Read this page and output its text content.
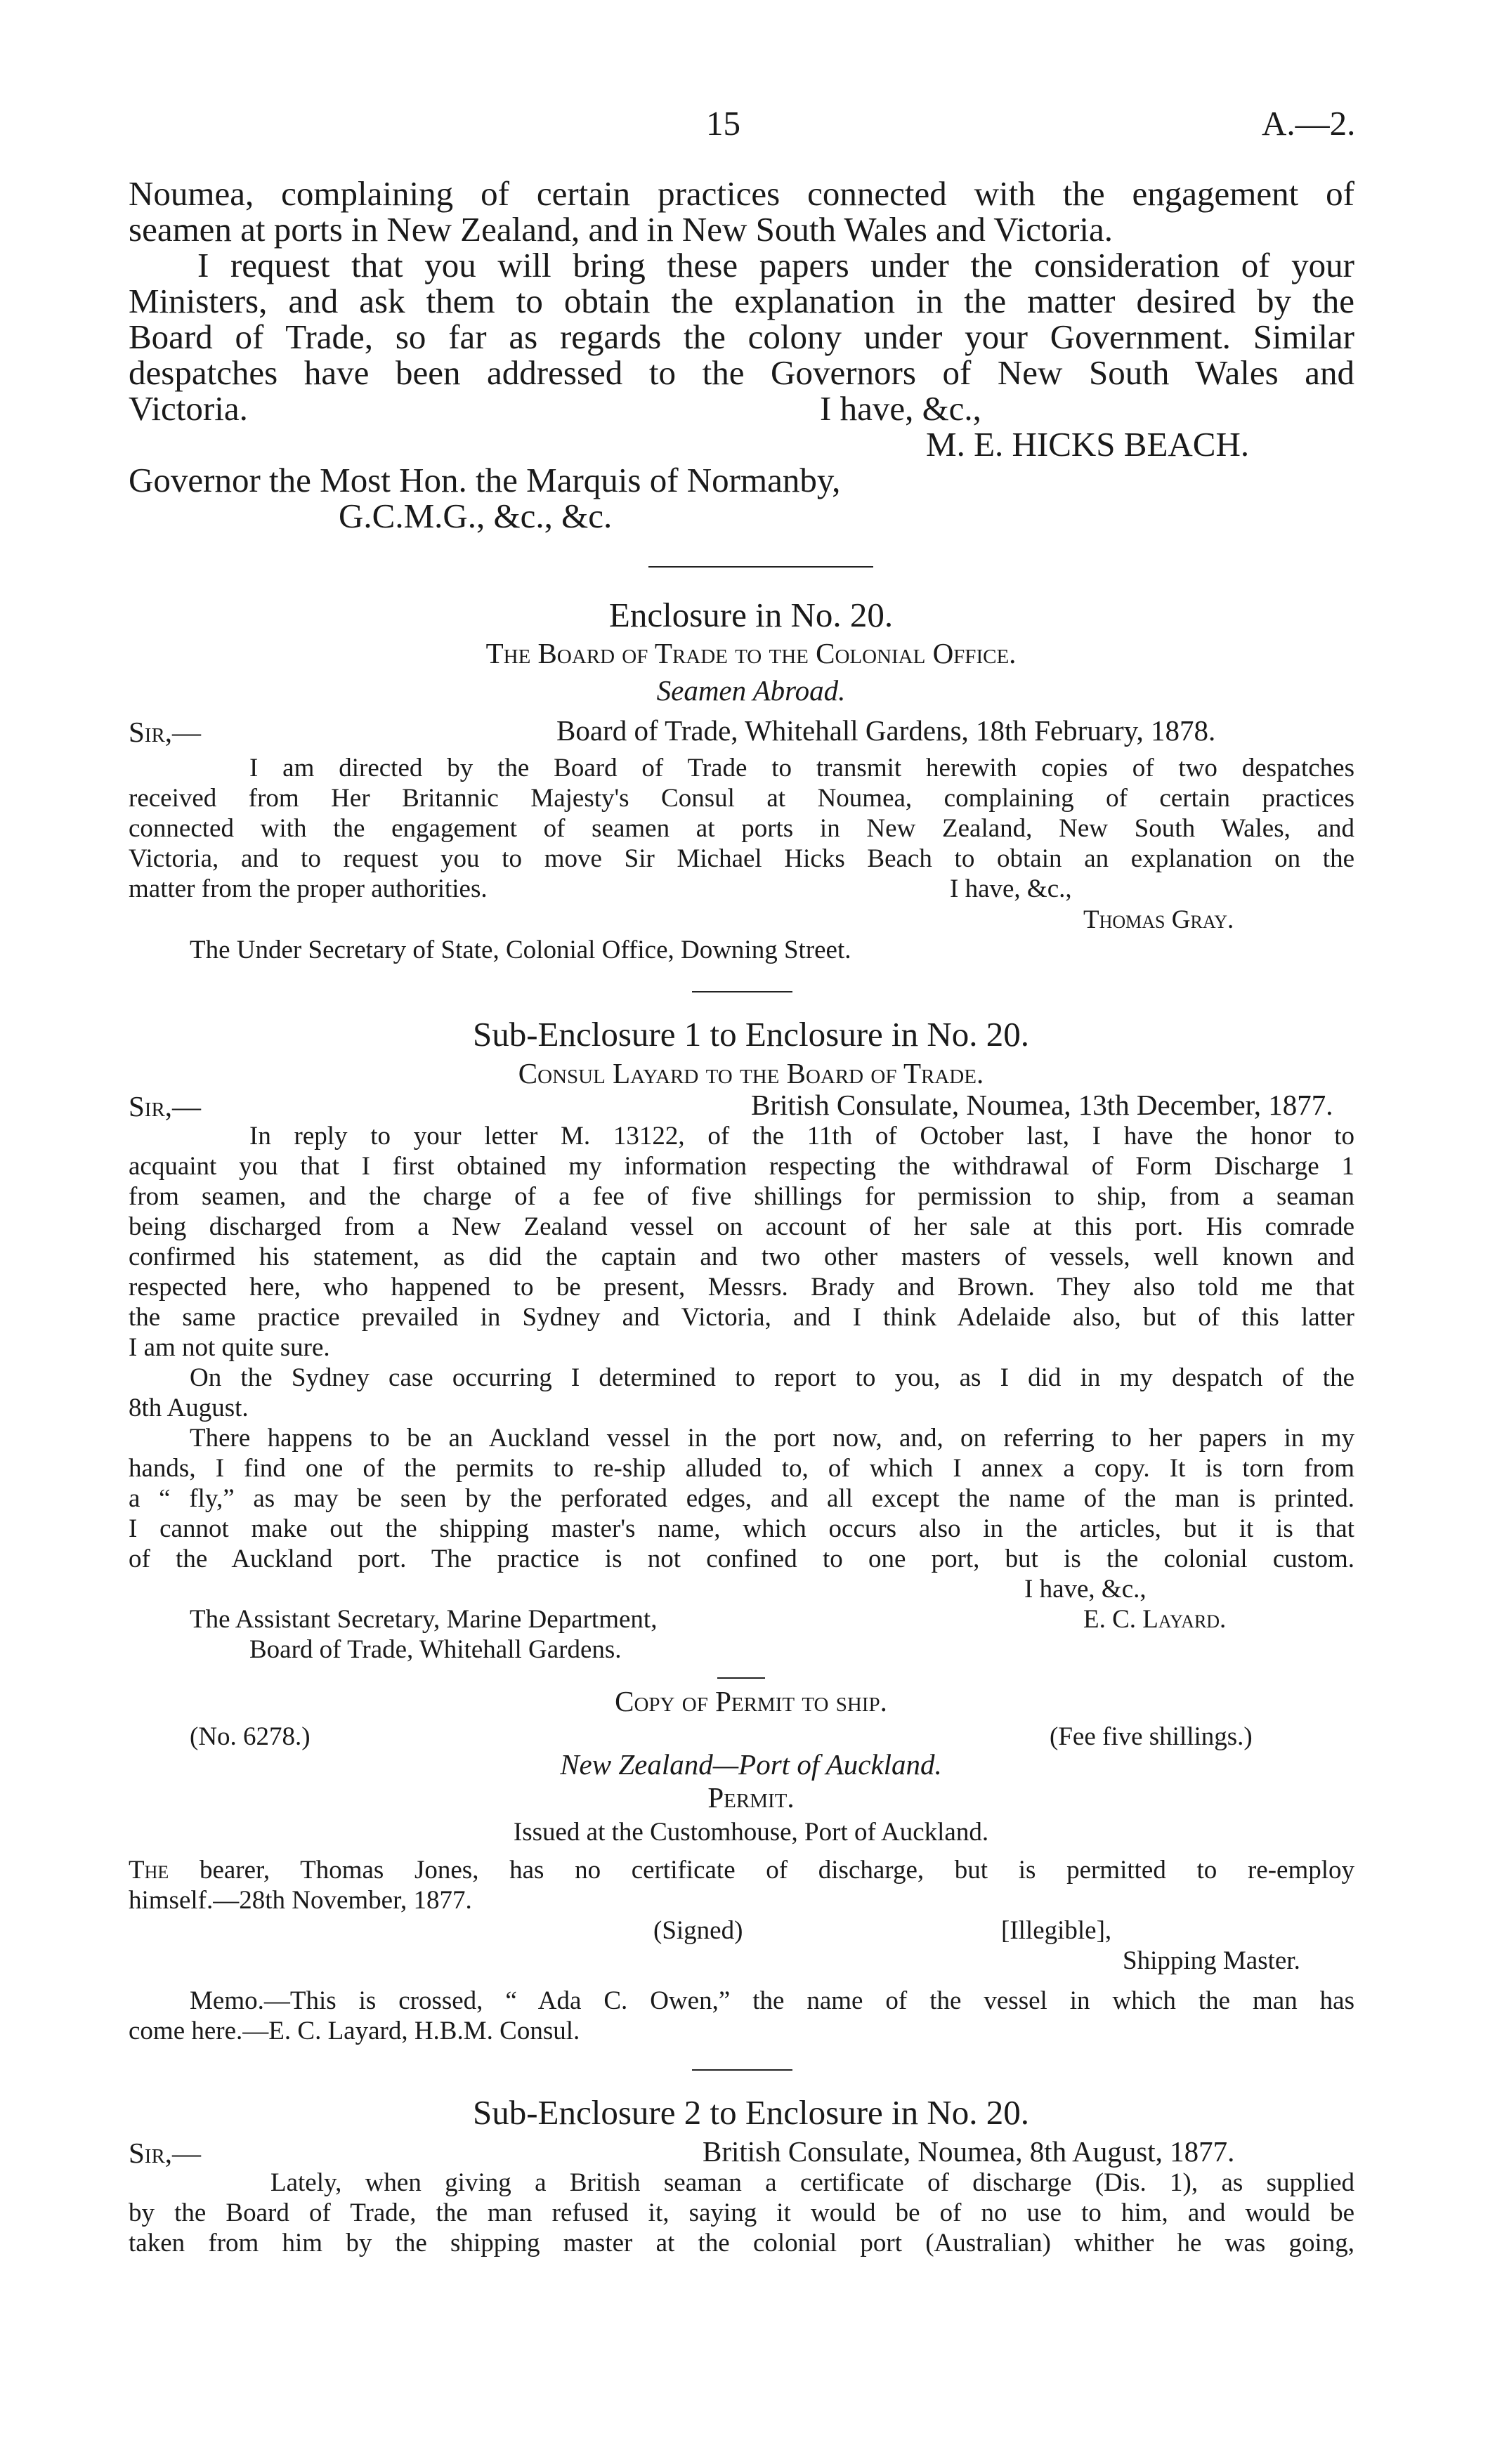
15	A.—2.
Noumea, complaining of certain practices connected with the engagement of
seamen at ports in New Zealand, and in New South Wales and Victoria.
I request that you will bring these papers under the consideration of your
Ministers, and ask them to obtain the explanation in the matter desired by the
Board of Trade, so far as regards the colony under your Government. Similar
despatches have been addressed to the Governors of New South Wales and
Victoria.	I have, &c.,
M. E. HICKS BEACH.
Governor the Most Hon. the Marquis of Normanby,
G.C.M.G., &c., &c.
Enclosure in No. 20.
The Board of Trade to the Colonial Office.
Seamen Abroad.
Sir,—	Board of Trade, Whitehall Gardens, 18th February, 1878.
I am directed by the Board of Trade to transmit herewith copies of two despatches
received from Her Britannic Majesty's Consul at Noumea, complaining of certain practices
connected with the engagement of seamen at ports in New Zealand, New South Wales, and
Victoria, and to request you to move Sir Michael Hicks Beach to obtain an explanation on the
matter from the proper authorities.	I have, &c.,
Thomas Gray.
The Under Secretary of State, Colonial Office, Downing Street.
Sub-Enclosure 1 to Enclosure in No. 20.
Consul Layard to the Board of Trade.
Sir,—	British Consulate, Noumea, 13th December, 1877.
In reply to your letter M. 13122, of the 11th of October last, I have the honor to
acquaint you that I first obtained my information respecting the withdrawal of Form Discharge 1
from seamen, and the charge of a fee of five shillings for permission to ship, from a seaman
being discharged from a New Zealand vessel on account of her sale at this port. His comrade
confirmed his statement, as did the captain and two other masters of vessels, well known and
respected here, who happened to be present, Messrs. Brady and Brown. They also told me that
the same practice prevailed in Sydney and Victoria, and I think Adelaide also, but of this latter
I am not quite sure.
On the Sydney case occurring I determined to report to you, as I did in my despatch of the
8th August.
There happens to be an Auckland vessel in the port now, and, on referring to her papers in my
hands, I find one of the permits to re-ship alluded to, of which I annex a copy. It is torn from
a “ fly,” as may be seen by the perforated edges, and all except the name of the man is printed.
I cannot make out the shipping master's name, which occurs also in the articles, but it is that
of the Auckland port. The practice is not confined to one port, but is the colonial custom.
I have, &c.,
The Assistant Secretary, Marine Department,	E. C. Layard.
Board of Trade, Whitehall Gardens.
Copy of Permit to ship.
(No. 6278.)	(Fee five shillings.)
New Zealand—Port of Auckland.
Permit.
Issued at the Customhouse, Port of Auckland.
The bearer, Thomas Jones, has no certificate of discharge, but is permitted to re-employ
himself.—28th November, 1877.
(Signed)	[Illegible],
Shipping Master.
Memo.—This is crossed, “ Ada C. Owen,” the name of the vessel in which the man has
come here.—E. C. Layard, H.B.M. Consul.
Sub-Enclosure 2 to Enclosure in No. 20.
Sir,—	British Consulate, Noumea, 8th August, 1877.
Lately, when giving a British seaman a certificate of discharge (Dis. 1), as supplied
by the Board of Trade, the man refused it, saying it would be of no use to him, and would be
taken from him by the shipping master at the colonial port (Australian) whither he was going,
